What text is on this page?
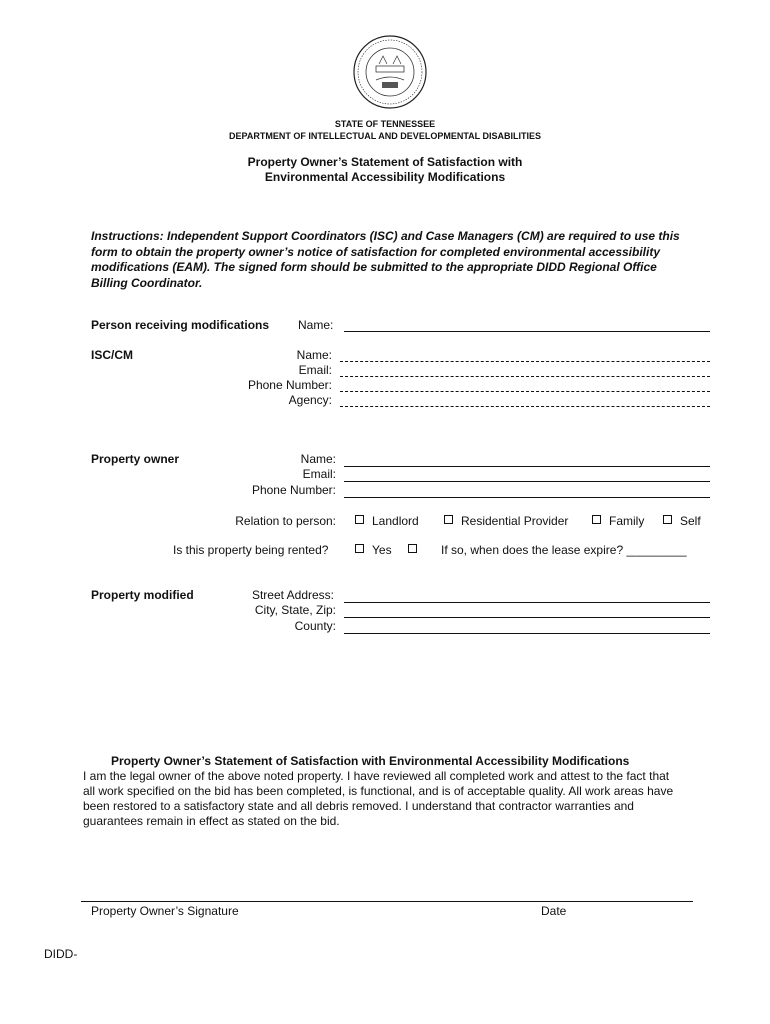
STATE OF TENNESSEE
DEPARTMENT OF INTELLECTUAL AND DEVELOPMENTAL DISABILITIES
Property Owner’s Statement of Satisfaction with
Environmental Accessibility Modifications
Instructions: Independent Support Coordinators (ISC) and Case Managers (CM) are required to use this form to obtain the property owner’s notice of satisfaction for completed environmental accessibility modifications (EAM). The signed form should be submitted to the appropriate DIDD Regional Office Billing Coordinator.
Person receiving modifications Name:
ISC/CM	Name:
Email:
Phone Number:
Agency:
Property owner	Name:
Email:
Phone Number:
Relation to person:	Landlord	Residential Provider	Family	Self
Is this property being rented?	Yes	If so, when does the lease expire? _________
Property modified	Street Address:
City, State, Zip:
County:
Property Owner’s Statement of Satisfaction with Environmental Accessibility Modifications
I am the legal owner of the above noted property. I have reviewed all completed work and attest to the fact that all work specified on the bid has been completed, is functional, and is of acceptable quality. All work areas have been restored to a satisfactory state and all debris removed. I understand that contractor warranties and guarantees remain in effect as stated on the bid.
Property Owner’s Signature	Date
DIDD-
